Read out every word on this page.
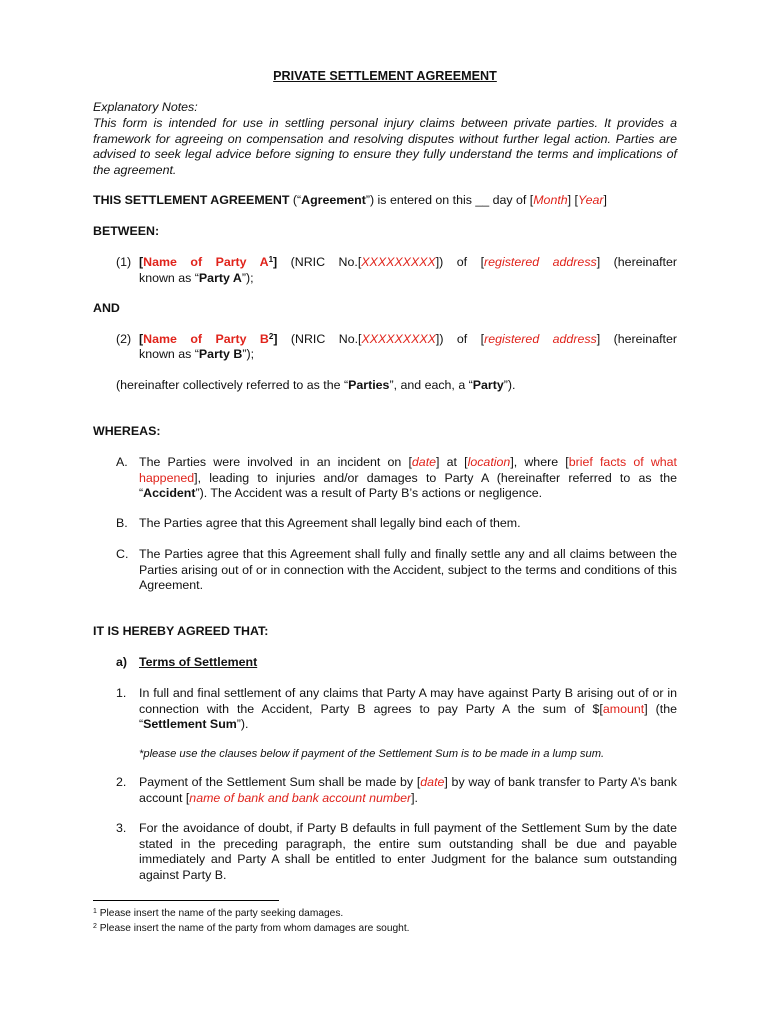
PRIVATE SETTLEMENT AGREEMENT
Explanatory Notes:
This form is intended for use in settling personal injury claims between private parties. It provides a framework for agreeing on compensation and resolving disputes without further legal action. Parties are advised to seek legal advice before signing to ensure they fully understand the terms and implications of the agreement.
THIS SETTLEMENT AGREEMENT (“Agreement”) is entered on this __ day of [Month] [Year]
BETWEEN:
(1) [Name of Party $A^1$] (NRIC No.[XXXXXXXXX]) of [registered address] (hereinafter
known as “Party A”);
AND
(2) [Name of Party $B^2$] (NRIC No.[XXXXXXXXX]) of [registered address] (hereinafter
known as “Party B”);
(hereinafter collectively referred to as the “Parties”, and each, a “Party”).
WHEREAS:
A. The Parties were involved in an incident on [date] at [location], where [brief facts of what happened], leading to injuries and/or damages to Party A (hereinafter referred to as the “Accident”). The Accident was a result of Party B’s actions or negligence.
B. The Parties agree that this Agreement shall legally bind each of them.
C. The Parties agree that this Agreement shall fully and finally settle any and all claims between the Parties arising out of or in connection with the Accident, subject to the terms and conditions of this Agreement.
IT IS HEREBY AGREED THAT:
a) Terms of Settlement
1. In full and final settlement of any claims that Party A may have against Party B arising out of or in connection with the Accident, Party B agrees to pay Party A the sum of $[amount] (the “Settlement Sum”).
*please use the clauses below if payment of the Settlement Sum is to be made in a lump sum.
2. Payment of the Settlement Sum shall be made by [date] by way of bank transfer to Party A’s bank account [name of bank and bank account number].
3. For the avoidance of doubt, if Party B defaults in full payment of the Settlement Sum by the date stated in the preceding paragraph, the entire sum outstanding shall be due and payable immediately and Party A shall be entitled to enter Judgment for the balance sum outstanding against Party B.
$^1$ Please insert the name of the party seeking damages.
$^2$ Please insert the name of the party from whom damages are sought.
